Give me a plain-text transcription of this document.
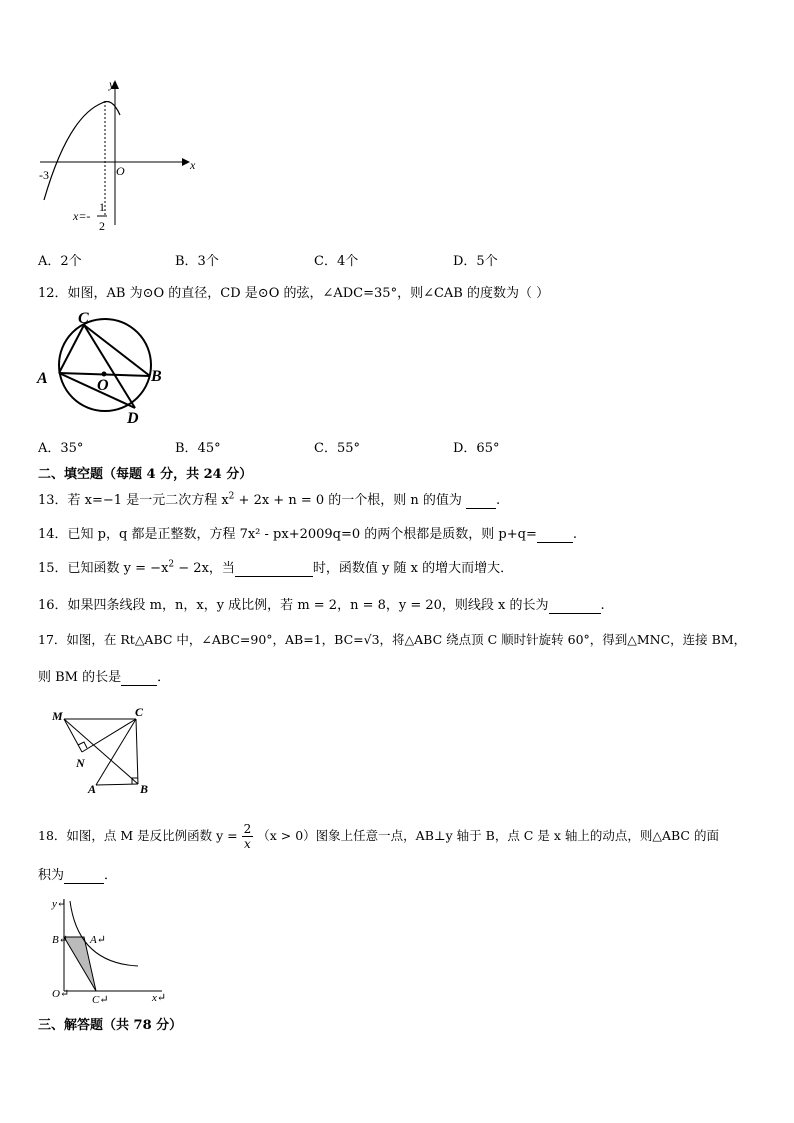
y
x
O
-3
x=-
1
2
A．2个	B．3个	C．4个	D．5个
12．如图，AB 为⊙O 的直径，CD 是⊙O 的弦，∠ADC=35°，则∠CAB 的度数为（ ）
C
A	O
B
D
A．35°	B．45°	C．55°	D．65°
二、填空题（每题 4 分，共 24 分）
13．若 x=−1 是一元二次方程 $x^2 + 2x + n = 0$ 的一个根，则 n 的值为  .
14．已知 p，q 都是正整数，方程 7x² - px+2009q=0 的两个根都是质数，则 p+q=	.
15．已知函数 $y = -x^2 - 2x$，当	时，函数值 y 随 x 的增大而增大．
16．如果四条线段 m，n，x，y 成比例，若 m = 2，n = 8，y = 20，则线段 x 的长为	.
17．如图，在 Rt△ABC 中，∠ABC=90°，AB=1，BC=√3，将△ABC 绕点顶 C 顺时针旋转 60°，得到△MNC，连接 BM，
则 BM 的长是	．
M	C
N
A	B
18．如图，点 M 是反比例函数 $y = \frac{2}{x} (x > 0)$图象上任意一点，AB⊥y 轴于 B，点 C 是 x 轴上的动点，则△ABC 的面
积为	．
y↵
B↵ A↵
O↵ C↵	x↵
三、解答题（共 78 分）
